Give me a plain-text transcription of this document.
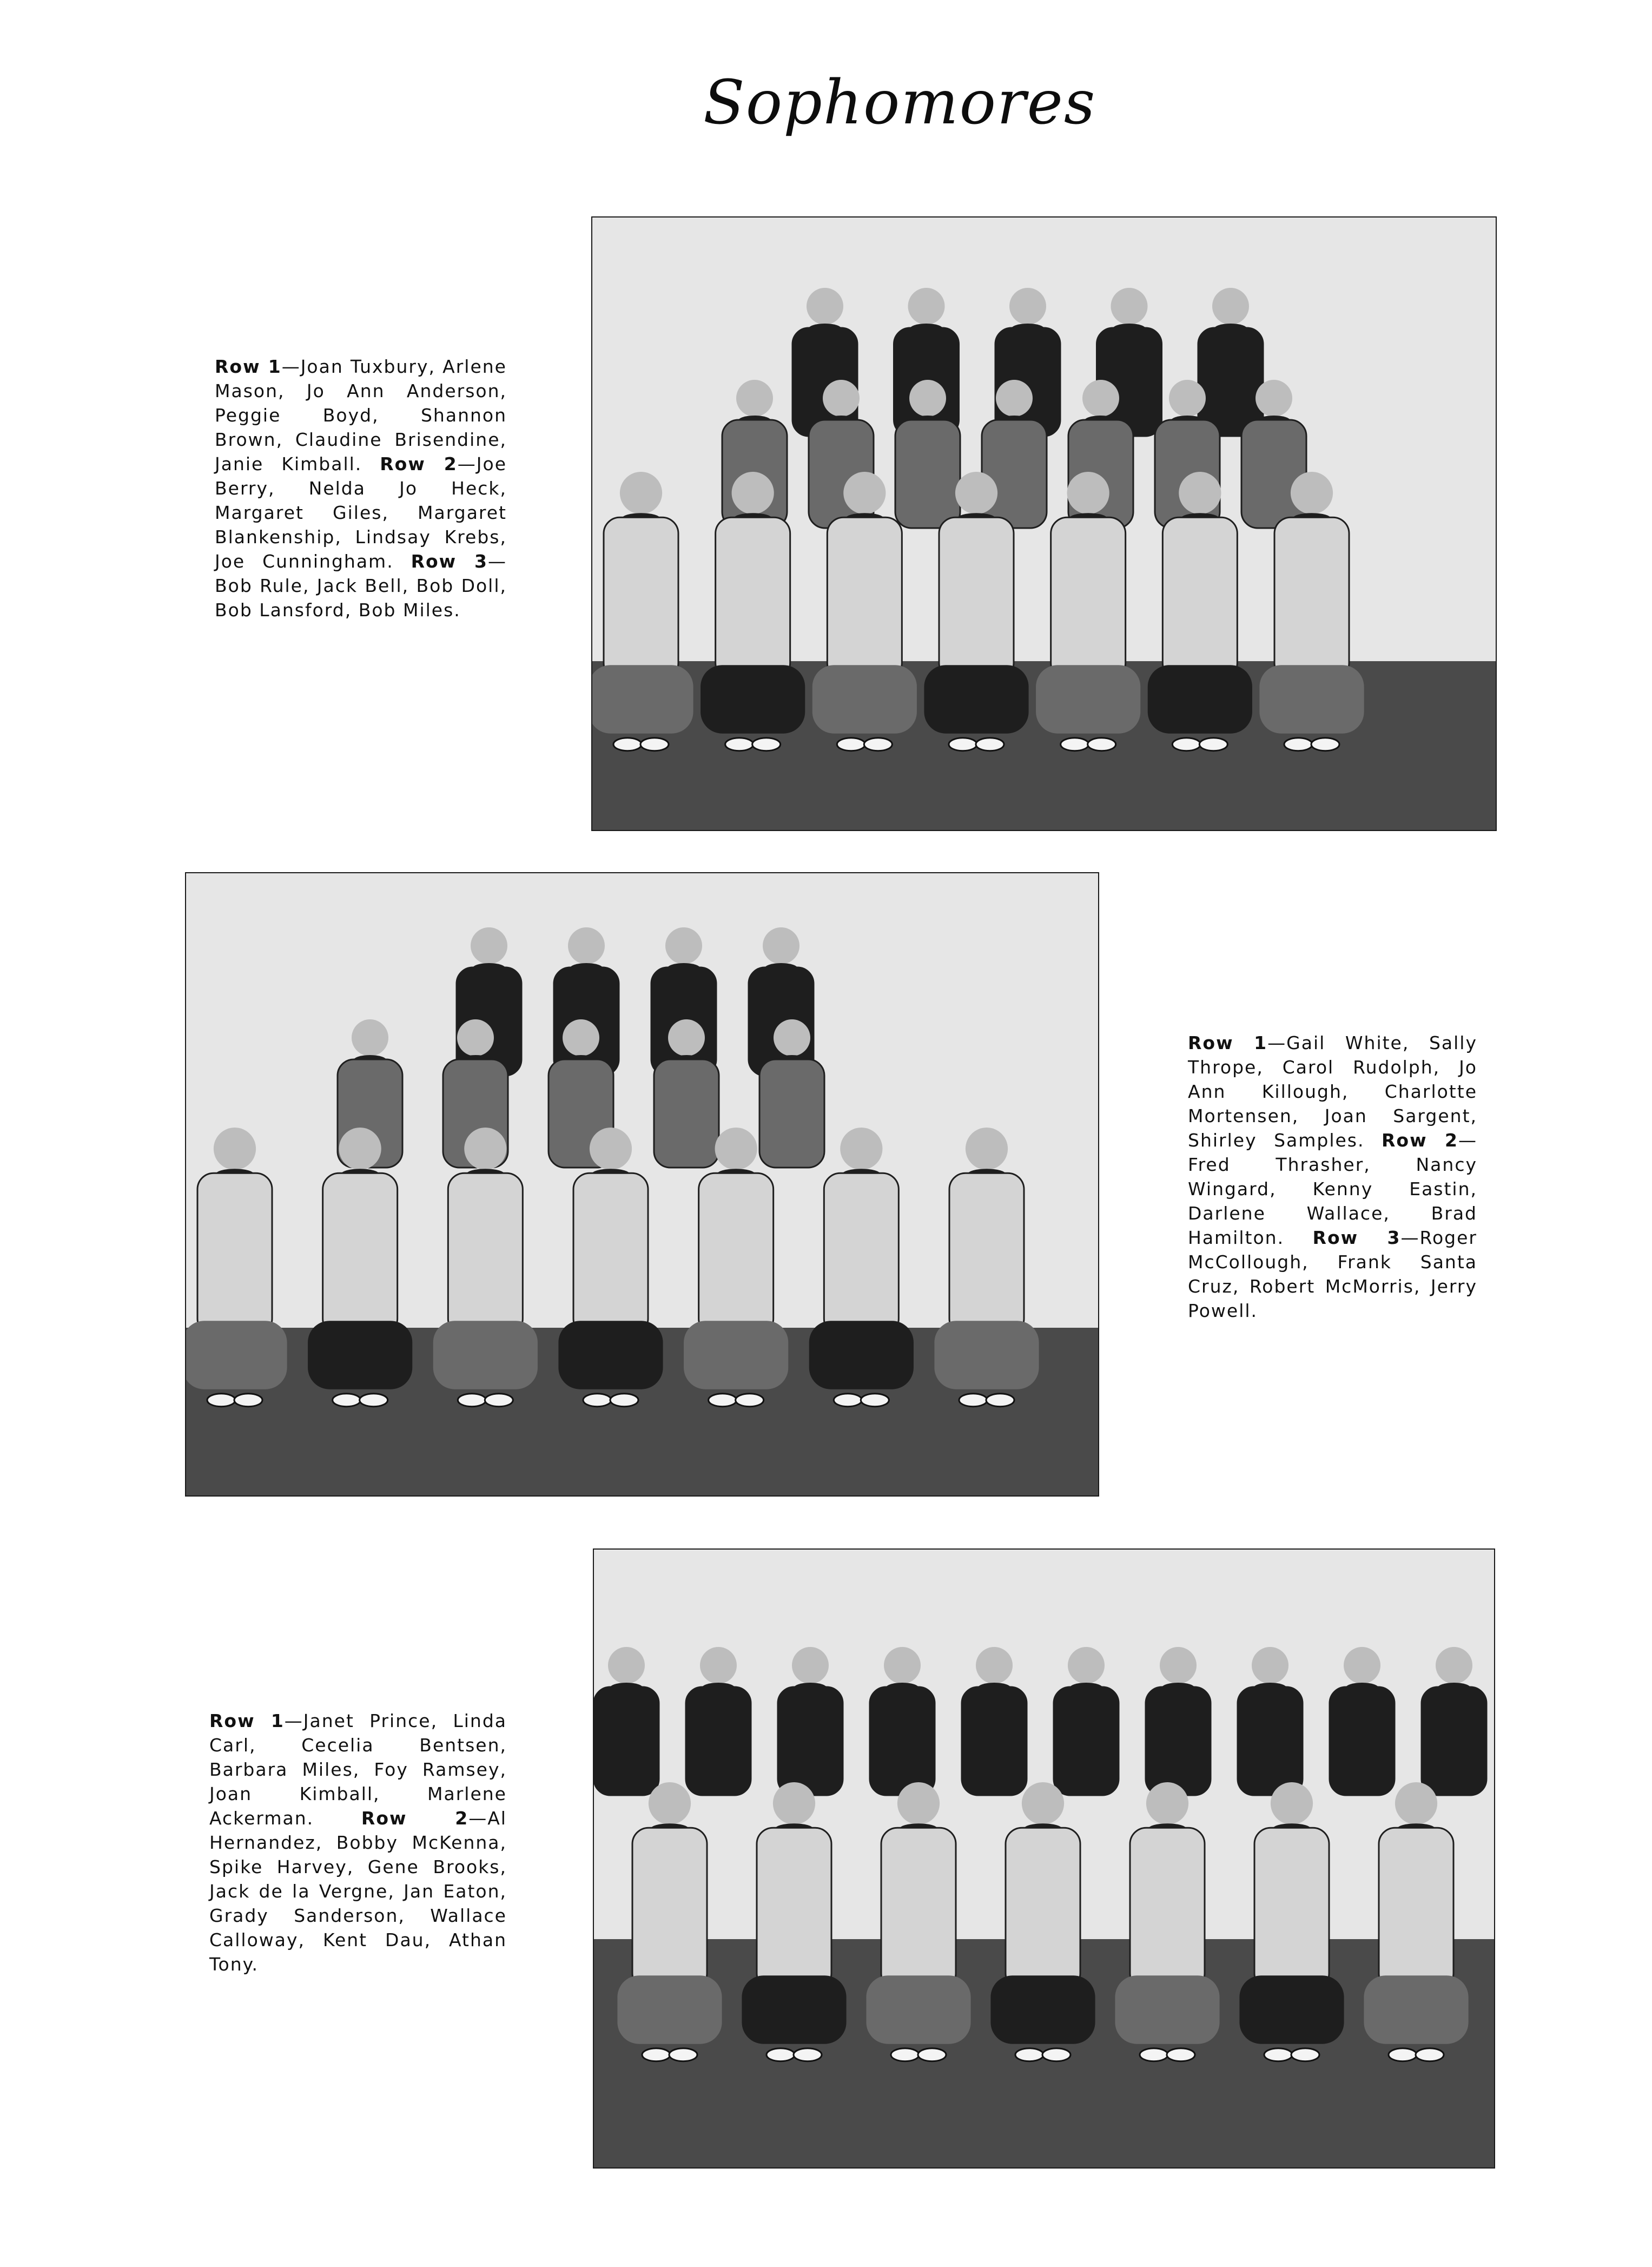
Sophomores
Row 1—Joan Tuxbury, Arlene Mason, Jo Ann Anderson, Peggie Boyd, Shannon Brown, Claudine Brisendine, Janie Kimball. Row 2—Joe Berry, Nelda Jo Heck, Margaret Giles, Margaret Blankenship, Lindsay Krebs, Joe Cunningham. Row 3—Bob Rule, Jack Bell, Bob Doll, Bob Lansford, Bob Miles.
Row 1—Gail White, Sally Thrope, Carol Rudolph, Jo Ann Killough, Charlotte Mortensen, Joan Sargent, Shirley Samples. Row 2—Fred Thrasher, Nancy Wingard, Kenny Eastin, Darlene Wallace, Brad Hamilton. Row 3—Roger McCollough, Frank Santa Cruz, Robert McMorris, Jerry Powell.
Row 1—Janet Prince, Linda Carl, Cecelia Bentsen, Barbara Miles, Foy Ramsey, Joan Kimball, Marlene Ackerman.	Row 2—Al Hernandez, Bobby McKenna, Spike Harvey, Gene Brooks, Jack de la Vergne, Jan Eaton, Grady Sanderson, Wallace Calloway, Kent Dau, Athan Tony.
